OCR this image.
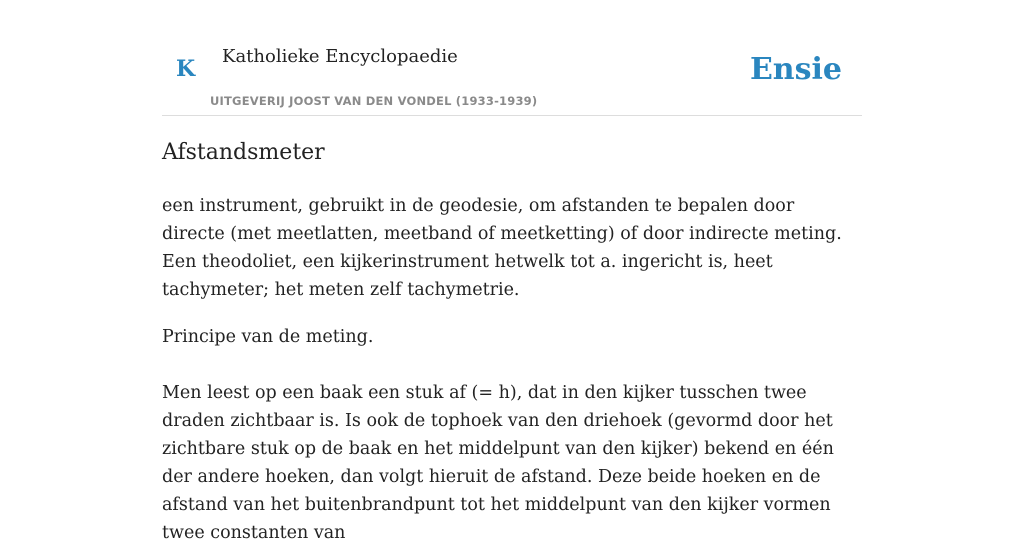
K Katholieke Encyclopaedie
UITGEVERIJ JOOST VAN DEN VONDEL (1933-1939)
Ensie
Afstandsmeter

een instrument, gebruikt in de geodesie, om afstanden te bepalen door directe (met meetlatten, meetband of meetketting) of door indirecte meting. Een theodoliet, een kijkerinstrument hetwelk tot a. ingericht is, heet tachymeter; het meten zelf tachymetrie.

Principe van de meting.

Men leest op een baak een stuk af (= h), dat in den kijker tusschen twee draden zichtbaar is. Is ook de tophoek van den driehoek (gevormd door het zichtbare stuk op de baak en het middelpunt van den kijker) bekend en één der andere hoeken, dan volgt hieruit de afstand. Deze beide hoeken en de afstand van het buitenbrandpunt tot het middelpunt van den kijker vormen twee constanten van
